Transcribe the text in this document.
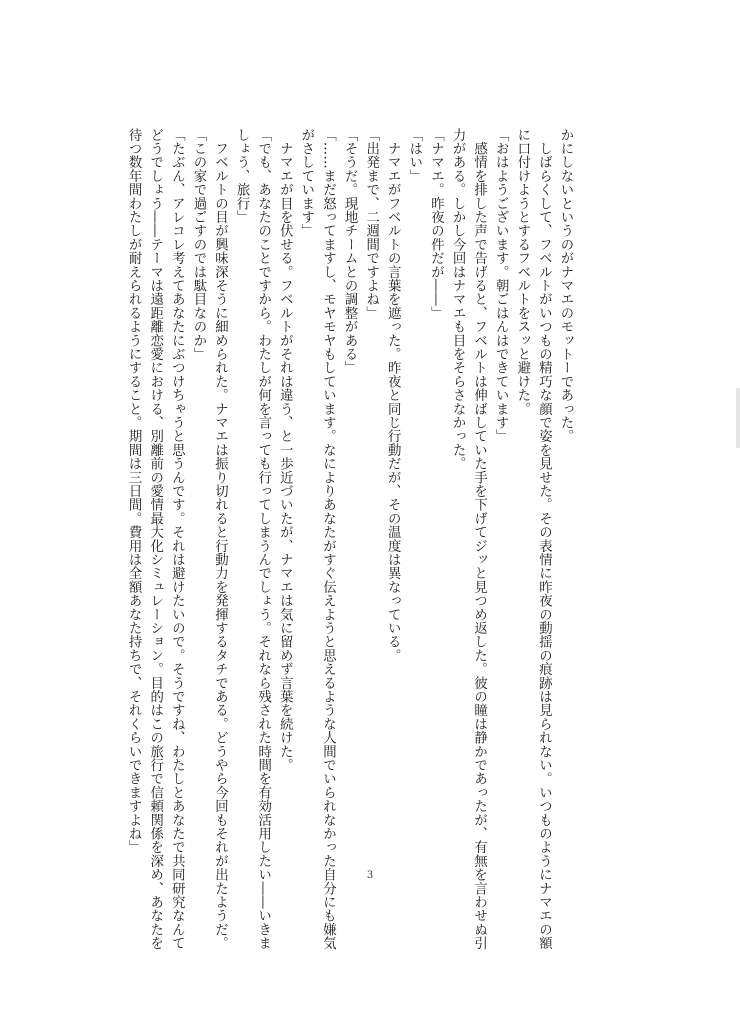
かにしないというのがナマエのモットーであった。
　しばらくして、フベルトがいつもの精巧な顔で姿を見せた。その表情に昨夜の動揺の痕跡は見られない。いつものようにナマエの額
に口付けようとするフベルトをスッと避けた。
「おはようございます。朝ごはんはできています」
　感情を排した声で告げると、フベルトは伸ばしていた手を下げてジッと見つめ返した。彼の瞳は静かであったが、有無を言わせぬ引
力がある。しかし今回はナマエも目をそらさなかった。
「ナマエ。昨夜の件だが――」
「はい」
　ナマエがフベルトの言葉を遮った。昨夜と同じ行動だが、その温度は異なっている。
「出発まで、二週間ですよね」
「そうだ。現地チームとの調整がある」
「……まだ怒ってますし、モヤモヤもしています。なによりあなたがすぐ伝えようと思えるような人間でいられなかった自分にも嫌気
がさしています」
　ナマエが目を伏せる。フベルトがそれは違う、と一歩近づいたが、ナマエは気に留めず言葉を続けた。
「でも、あなたのことですから。わたしが何を言っても行ってしまうんでしょう。それなら残された時間を有効活用したい――いきま
しょう、旅行」
　フベルトの目が興味深そうに細められた。ナマエは振り切れると行動力を発揮するタチである。どうやら今回もそれが出たようだ。
「この家で過ごすのでは駄目なのか」
「たぶん、アレコレ考えてあなたにぶつけちゃうと思うんです。それは避けたいので。そうですね、わたしとあなたで共同研究なんて
どうでしょう――テーマは遠距離恋愛における、別離前の愛情最大化シミュレーション。目的はこの旅行で信頼関係を深め、あなたを
待つ数年間わたしが耐えられるようにすること。期間は三日間。費用は全額あなた持ちで、それくらいできますよね」
3
